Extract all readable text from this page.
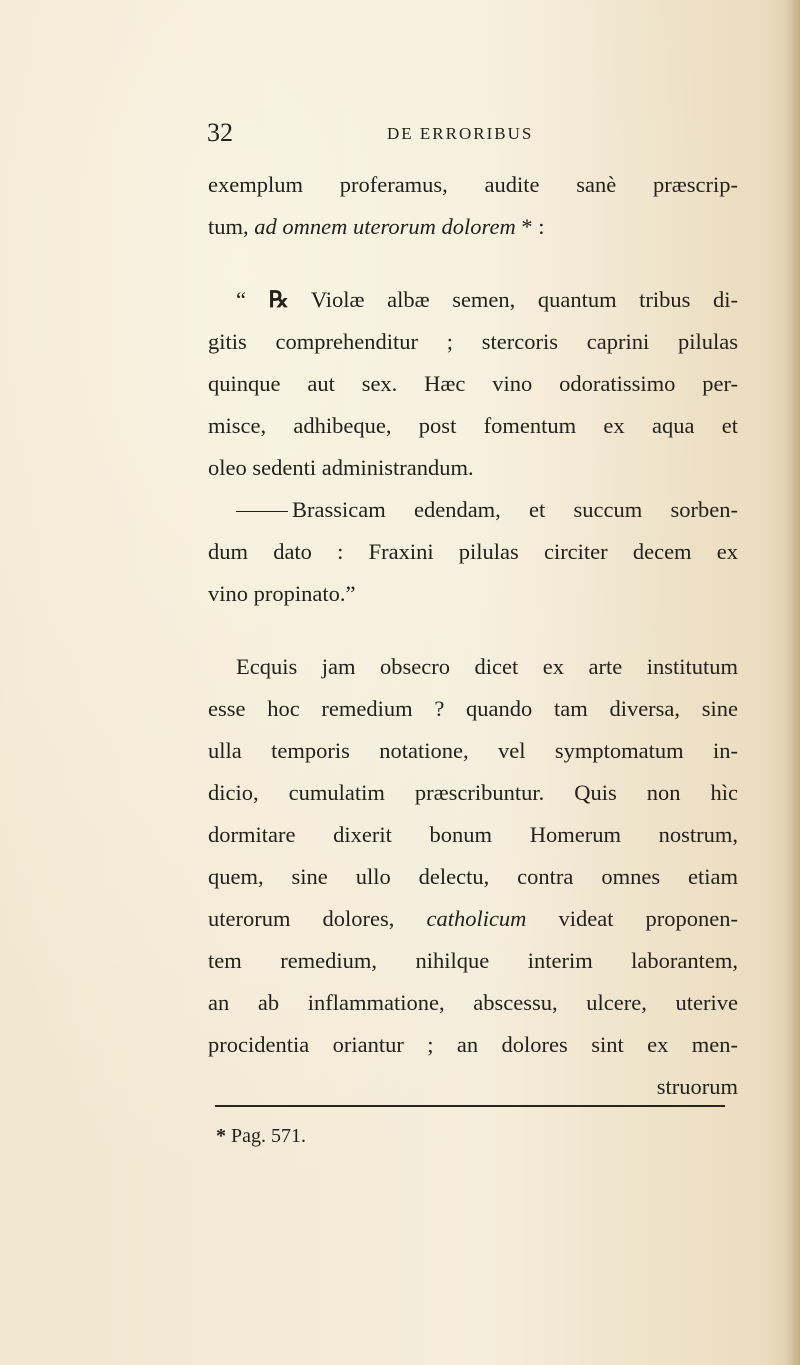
32	DE ERRORIBUS
exemplum proferamus, audite sanè præscrip-
tum, ad omnem uterorum dolorem * :
“ ℞ Violæ albæ semen, quantum tribus di-
gitis comprehenditur ; stercoris caprini pilulas
quinque aut sex. Hæc vino odoratissimo per-
misce, adhibeque, post fomentum ex aqua et
oleo sedenti administrandum.
Brassicam edendam, et succum sorben-
dum dato : Fraxini pilulas circiter decem ex
vino propinato.”
Ecquis jam obsecro dicet ex arte institutum
esse hoc remedium ? quando tam diversa, sine
ulla temporis notatione, vel symptomatum in-
dicio, cumulatim præscribuntur. Quis non hìc
dormitare dixerit bonum Homerum nostrum,
quem, sine ullo delectu, contra omnes etiam
uterorum dolores, catholicum videat proponen-
tem remedium, nihilque interim laborantem,
an ab inflammatione, abscessu, ulcere, uterive
procidentia oriantur ; an dolores sint ex men-
struorum
* Pag. 571.
